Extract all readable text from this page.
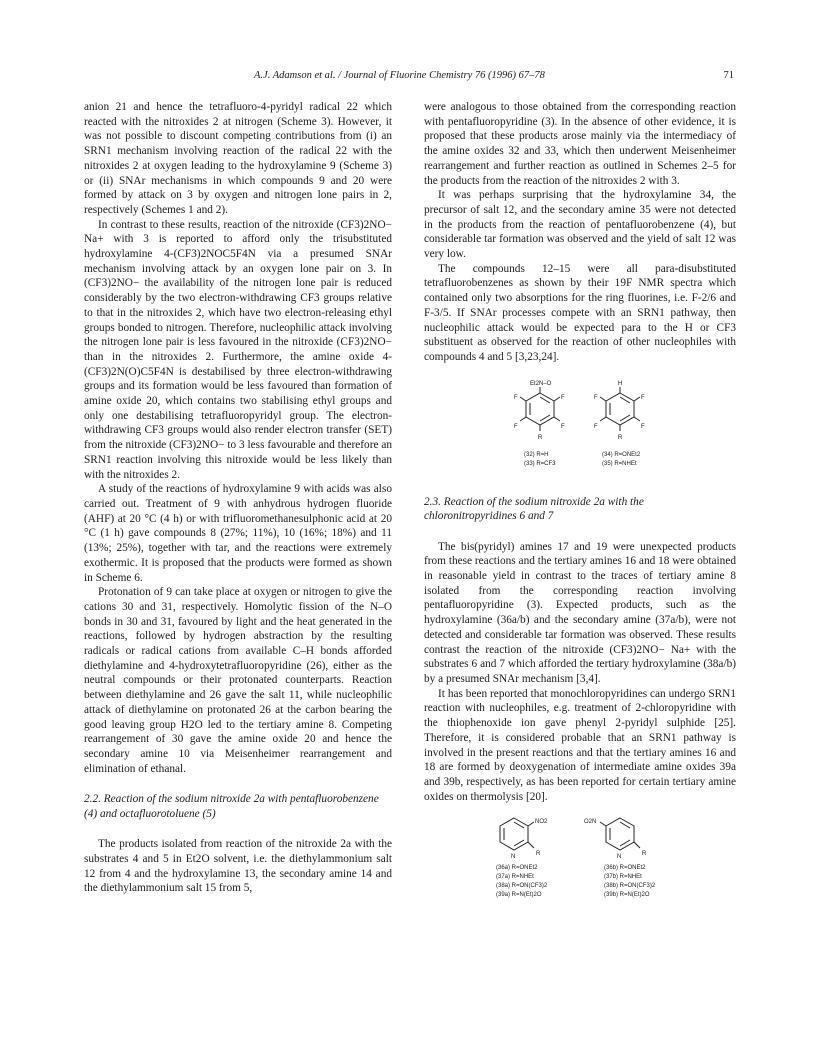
A.J. Adamson et al. / Journal of Fluorine Chemistry 76 (1996) 67–78	71

anion 21 and hence the tetrafluoro-4-pyridyl radical 22 which reacted with the nitroxides 2 at nitrogen (Scheme 3). However, it was not possible to discount competing contributions from (i) an SRN1 mechanism involving reaction of the radical 22 with the nitroxides 2 at oxygen leading to the hydroxylamine 9 (Scheme 3) or (ii) SNAr mechanisms in which compounds 9 and 20 were formed by attack on 3 by oxygen and nitrogen lone pairs in 2, respectively (Schemes 1 and 2).

In contrast to these results, reaction of the nitroxide (CF3)2NO− Na+ with 3 is reported to afford only the trisubstituted hydroxylamine 4-(CF3)2NOC5F4N via a presumed SNAr mechanism involving attack by an oxygen lone pair on 3. In (CF3)2NO− the availability of the nitrogen lone pair is reduced considerably by the two electron-withdrawing CF3 groups relative to that in the nitroxides 2, which have two electron-releasing ethyl groups bonded to nitrogen. Therefore, nucleophilic attack involving the nitrogen lone pair is less favoured in the nitroxide (CF3)2NO− than in the nitroxides 2. Furthermore, the amine oxide 4-(CF3)2N(O)C5F4N is destabilised by three electron-withdrawing groups and its formation would be less favoured than formation of amine oxide 20, which contains two stabilising ethyl groups and only one destabilising tetrafluoropyridyl group. The electron-withdrawing CF3 groups would also render electron transfer (SET) from the nitroxide (CF3)2NO− to 3 less favourable and therefore an SRN1 reaction involving this nitroxide would be less likely than with the nitroxides 2.

A study of the reactions of hydroxylamine 9 with acids was also carried out. Treatment of 9 with anhydrous hydrogen fluoride (AHF) at 20 °C (4 h) or with trifluoromethanesulphonic acid at 20 °C (1 h) gave compounds 8 (27%; 11%), 10 (16%; 18%) and 11 (13%; 25%), together with tar, and the reactions were extremely exothermic. It is proposed that the products were formed as shown in Scheme 6.

Protonation of 9 can take place at oxygen or nitrogen to give the cations 30 and 31, respectively. Homolytic fission of the N–O bonds in 30 and 31, favoured by light and the heat generated in the reactions, followed by hydrogen abstraction by the resulting radicals or radical cations from available C–H bonds afforded diethylamine and 4-hydroxytetrafluoropyridine (26), either as the neutral compounds or their protonated counterparts. Reaction between diethylamine and 26 gave the salt 11, while nucleophilic attack of diethylamine on protonated 26 at the carbon bearing the good leaving group H2O led to the tertiary amine 8. Competing rearrangement of 30 gave the amine oxide 20 and hence the secondary amine 10 via Meisenheimer rearrangement and elimination of ethanal.

2.2. Reaction of the sodium nitroxide 2a with pentafluorobenzene (4) and octafluorotoluene (5)

The products isolated from reaction of the nitroxide 2a with the substrates 4 and 5 in Et2O solvent, i.e. the diethylammonium salt 12 from 4 and the hydroxylamine 13, the secondary amine 14 and the diethylammonium salt 15 from 5,

were analogous to those obtained from the corresponding reaction with pentafluoropyridine (3). In the absence of other evidence, it is proposed that these products arose mainly via the intermediacy of the amine oxides 32 and 33, which then underwent Meisenheimer rearrangement and further reaction as outlined in Schemes 2–5 for the products from the reaction of the nitroxides 2 with 3.

It was perhaps surprising that the hydroxylamine 34, the precursor of salt 12, and the secondary amine 35 were not detected in the products from the reaction of pentafluorobenzene (4), but considerable tar formation was observed and the yield of salt 12 was very low.

The compounds 12–15 were all para-disubstituted tetrafluorobenzenes as shown by their 19F NMR spectra which contained only two absorptions for the ring fluorines, i.e. F-2/6 and F-3/5. If SNAr processes compete with an SRN1 pathway, then nucleophilic attack would be expected para to the H or CF3 substituent as observed for the reaction of other nucleophiles with compounds 4 and 5 [3,23,24].

Et2N–O	H
F	F
F	F
R
F	F
F	F
R
(32) R=H
(33) R=CF3
(34) R=ONEt2
(35) R=NHEt
2.3. Reaction of the sodium nitroxide 2a with the chloronitropyridines 6 and 7

The bis(pyridyl) amines 17 and 19 were unexpected products from these reactions and the tertiary amines 16 and 18 were obtained in reasonable yield in contrast to the traces of tertiary amine 8 isolated from the corresponding reaction involving pentafluoropyridine (3). Expected products, such as the hydroxylamine (36a/b) and the secondary amine (37a/b), were not detected and considerable tar formation was observed. These results contrast the reaction of the nitroxide (CF3)2NO− Na+ with the substrates 6 and 7 which afforded the tertiary hydroxylamine (38a/b) by a presumed SNAr mechanism [3,4].

It has been reported that monochloropyridines can undergo SRN1 reaction with nucleophiles, e.g. treatment of 2-chloropyridine with the thiophenoxide ion gave phenyl 2-pyridyl sulphide [25]. Therefore, it is considered probable that an SRN1 pathway is involved in the present reactions and that the tertiary amines 16 and 18 are formed by deoxygenation of intermediate amine oxides 39a and 39b, respectively, as has been reported for certain tertiary amine oxides on thermolysis [20].

NO2
R
N
O2N
R
N
(36a) R=ONEt2
(37a) R=NHEt
(38a) R=ON(CF3)2
(39a) R=N(Et)2O
(36b) R=ONEt2
(37b) R=NHEt
(38b) R=ON(CF3)2
(39b) R=N(Et)2O
